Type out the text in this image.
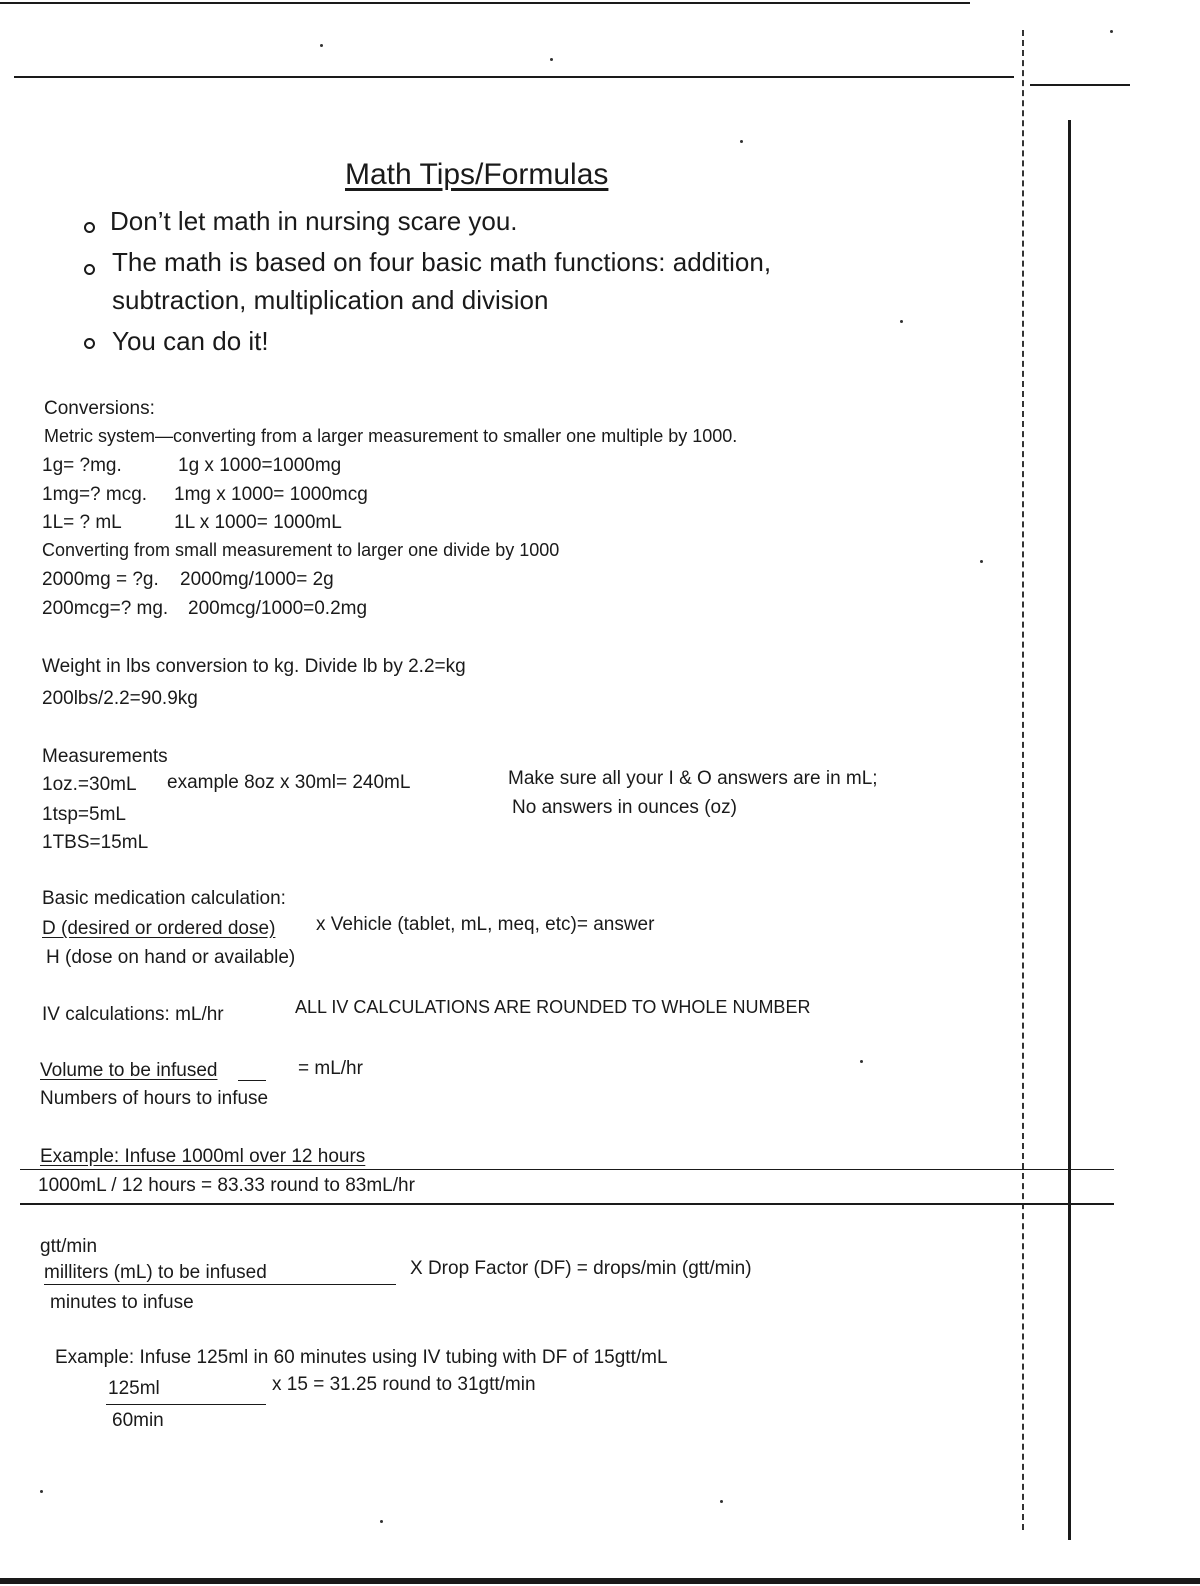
Math Tips/Formulas
Don’t let math in nursing scare you.
The math is based on four basic math functions: addition,
subtraction, multiplication and division
You can do it!
Conversions:
Metric system—converting from a larger measurement to smaller one multiple by 1000.
1g= ?mg.	1g x 1000=1000mg
1mg=? mcg. 1mg x 1000= 1000mcg
1L= ? mL	1L x 1000= 1000mL
Converting from small measurement to larger one divide by 1000
2000mg = ?g. 2000mg/1000= 2g
200mcg=? mg. 200mcg/1000=0.2mg
Weight in lbs conversion to kg. Divide lb by 2.2=kg
200lbs/2.2=90.9kg
Measurements
1oz.=30mL example 8oz x 30ml= 240mL
1tsp=5mL
1TBS=15mL
Make sure all your I & O answers are in mL;
No answers in ounces (oz)
Basic medication calculation:
D (desired or ordered dose) x Vehicle (tablet, mL, meq, etc)= answer
H (dose on hand or available)
IV calculations: mL/hr	ALL IV CALCULATIONS ARE ROUNDED TO WHOLE NUMBER
Volume to be infused	= mL/hr
Numbers of hours to infuse
Example: Infuse 1000ml over 12 hours
1000mL / 12 hours = 83.33 round to 83mL/hr
gtt/min
milliters (mL) to be infused	X Drop Factor (DF) = drops/min (gtt/min)
minutes to infuse
Example: Infuse 125ml in 60 minutes using IV tubing with DF of 15gtt/mL
125ml	x 15 = 31.25 round to 31gtt/min
60min
